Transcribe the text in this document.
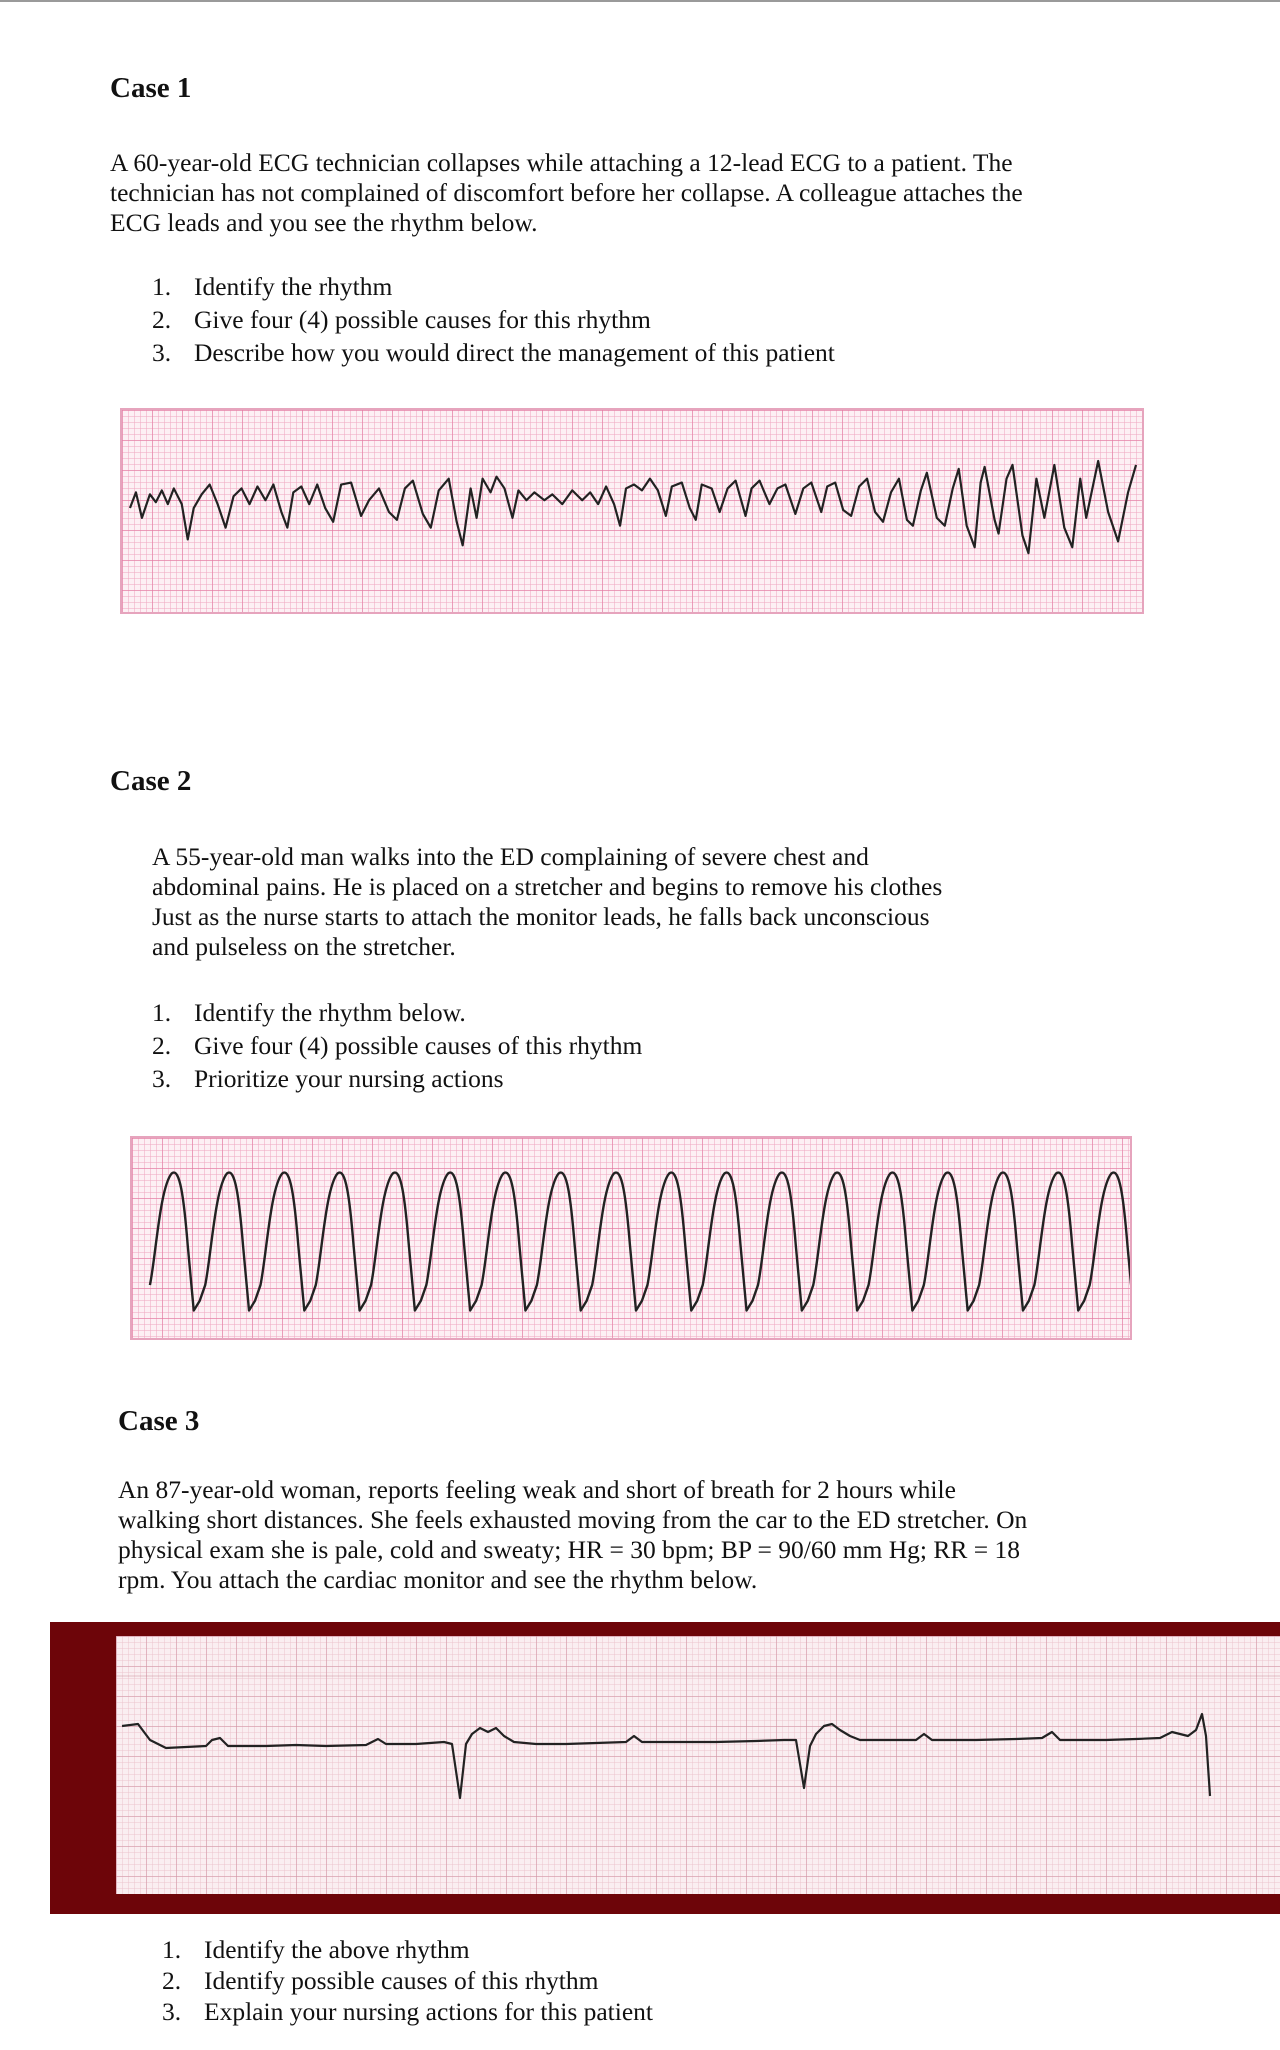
Case 1
A 60-year-old ECG technician collapses while attaching a 12-lead ECG to a patient. The
technician has not complained of discomfort before her collapse. A colleague attaches the
ECG leads and you see the rhythm below.
1. Identify the rhythm
2. Give four (4) possible causes for this rhythm
3. Describe how you would direct the management of this patient
Case 2
A 55-year-old man walks into the ED complaining of severe chest and
abdominal pains. He is placed on a stretcher and begins to remove his clothes
Just as the nurse starts to attach the monitor leads, he falls back unconscious
and pulseless on the stretcher.
1. Identify the rhythm below.
2. Give four (4) possible causes of this rhythm
3. Prioritize your nursing actions
Case 3
An 87-year-old woman, reports feeling weak and short of breath for 2 hours while
walking short distances. She feels exhausted moving from the car to the ED stretcher. On
physical exam she is pale, cold and sweaty; HR = 30 bpm; BP = 90/60 mm Hg; RR = 18
rpm. You attach the cardiac monitor and see the rhythm below.
1. Identify the above rhythm
2. Identify possible causes of this rhythm
3. Explain your nursing actions for this patient
